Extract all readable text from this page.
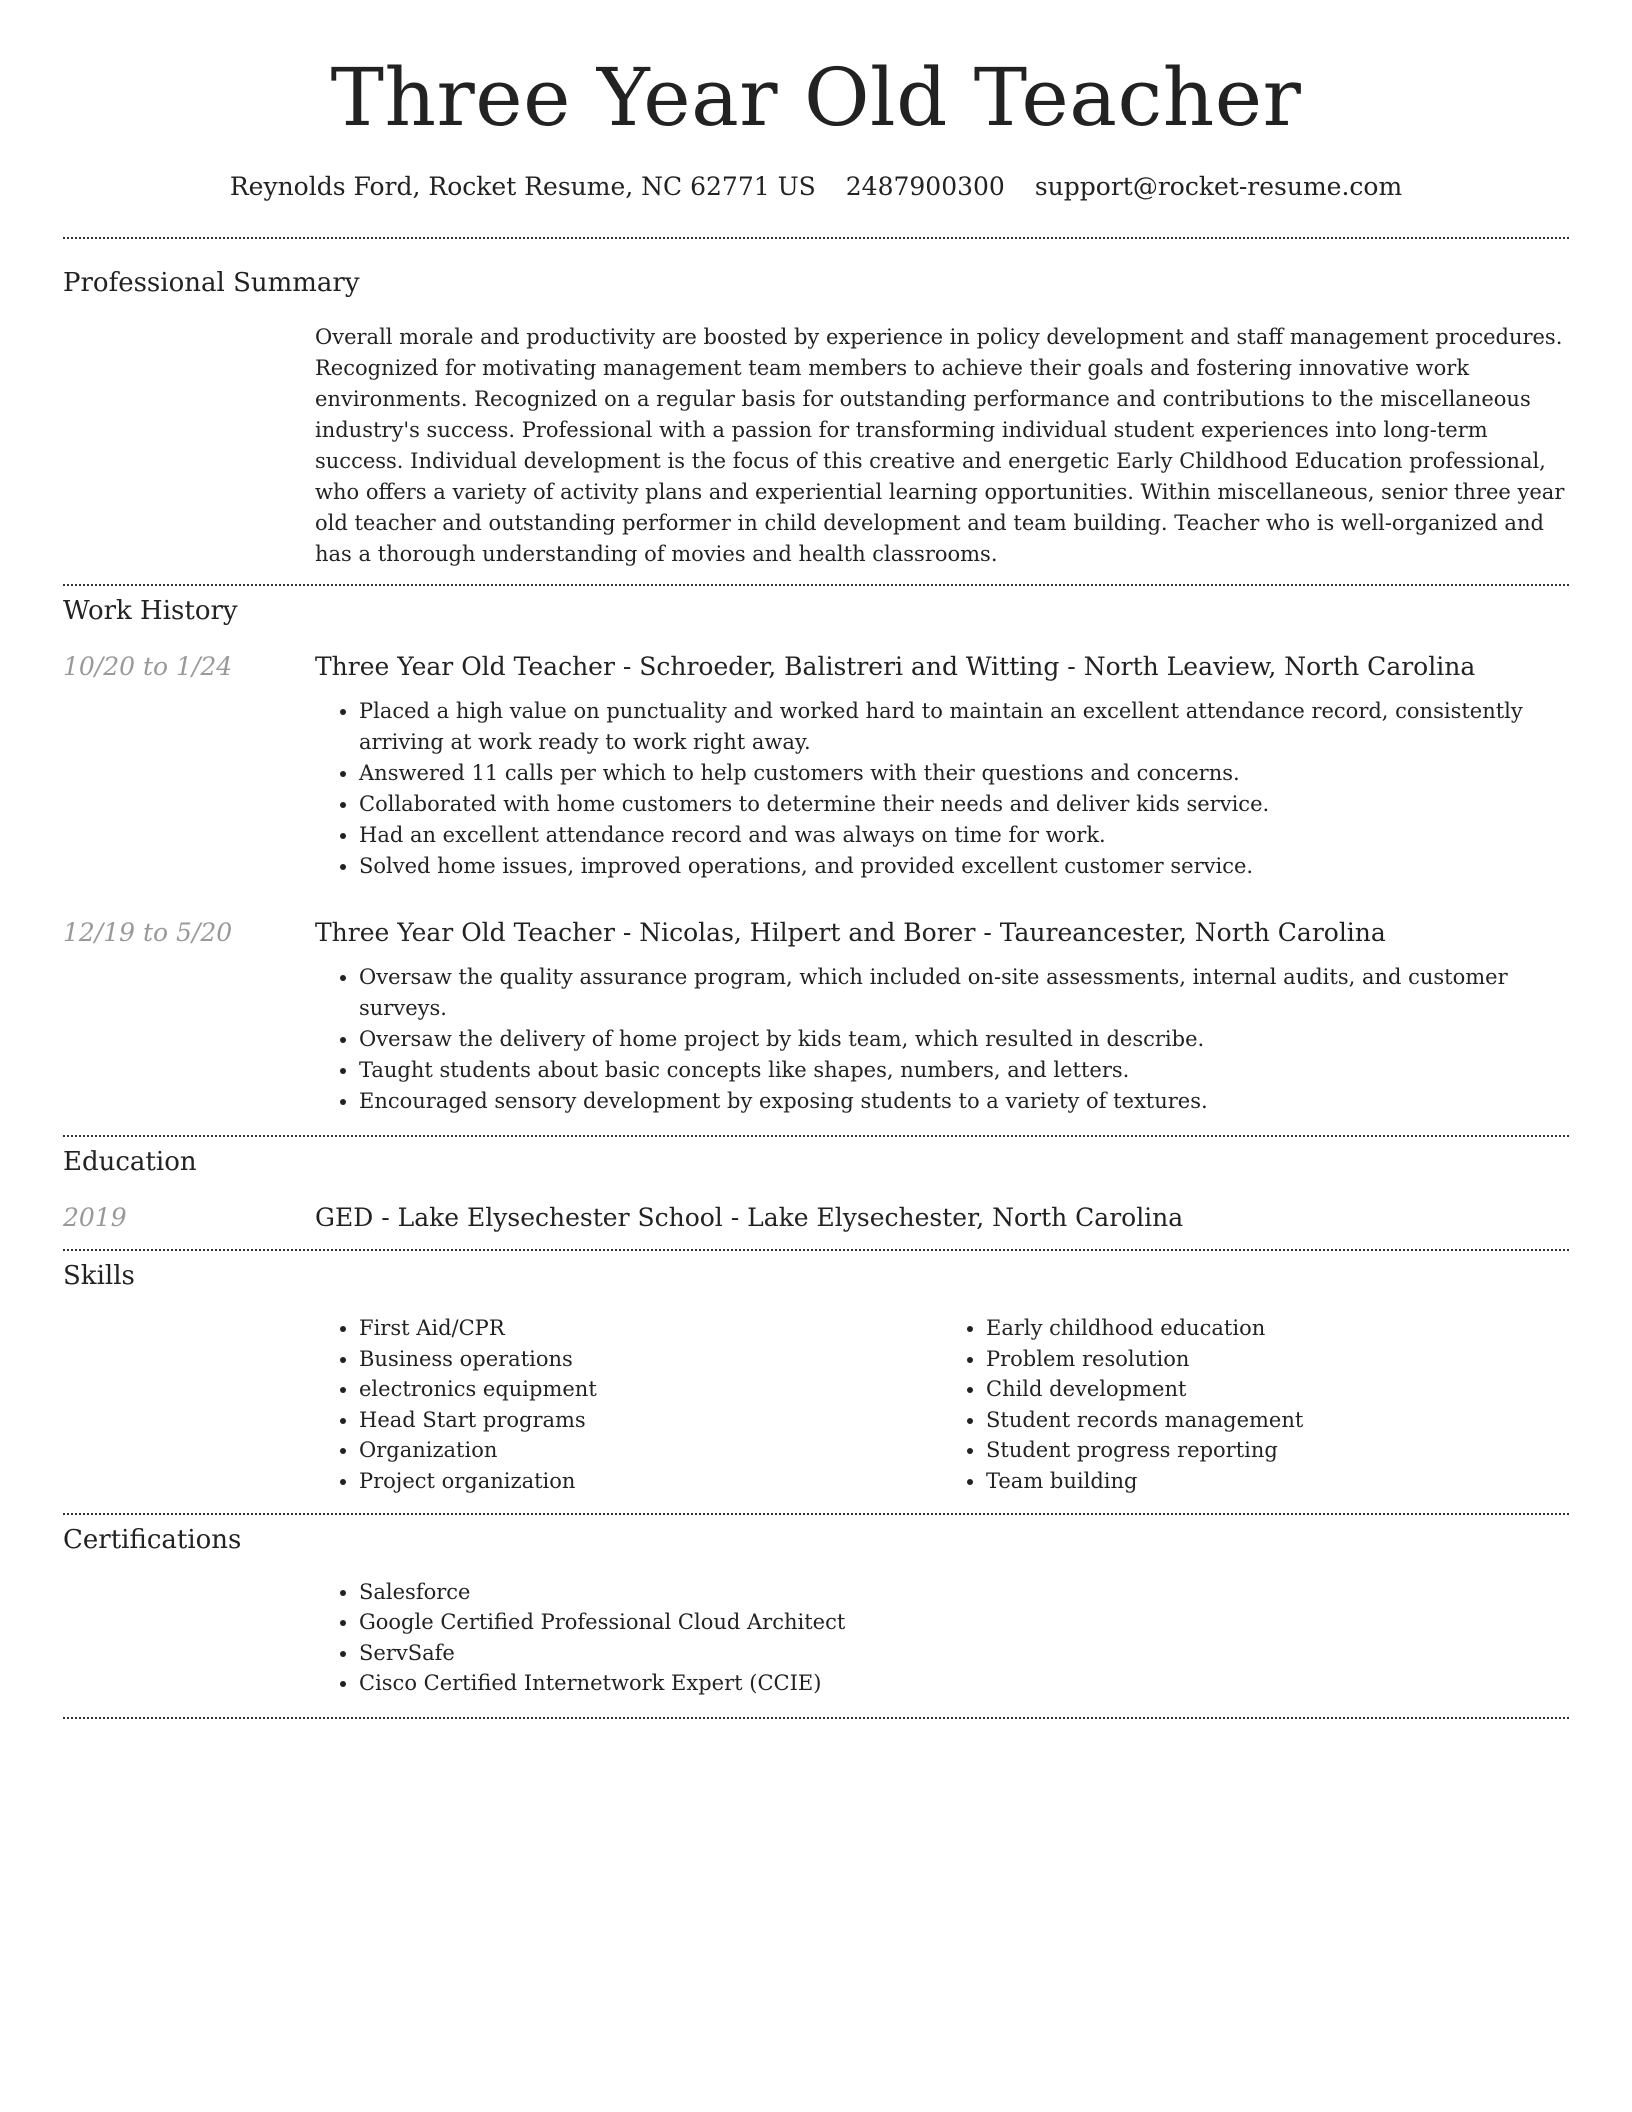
Three Year Old Teacher
Reynolds Ford, Rocket Resume, NC 62771 US 2487900300 support@rocket-resume.com
Professional Summary

Overall morale and productivity are boosted by experience in policy development and staff management procedures. Recognized for motivating management team members to achieve their goals and fostering innovative work environments. Recognized on a regular basis for outstanding performance and contributions to the miscellaneous industry's success. Professional with a passion for transforming individual student experiences into long-term success. Individual development is the focus of this creative and energetic Early Childhood Education professional, who offers a variety of activity plans and experiential learning opportunities. Within miscellaneous, senior three year old teacher and outstanding performer in child development and team building. Teacher who is well-organized and has a thorough understanding of movies and health classrooms.

Work History
10/20 to 1/24	Three Year Old Teacher - Schroeder, Balistreri and Witting - North Leaview, North Carolina
• Placed a high value on punctuality and worked hard to maintain an excellent attendance record, consistently arriving at work ready to work right away.
• Answered 11 calls per which to help customers with their questions and concerns.
• Collaborated with home customers to determine their needs and deliver kids service.
• Had an excellent attendance record and was always on time for work.
• Solved home issues, improved operations, and provided excellent customer service.
12/19 to 5/20	Three Year Old Teacher - Nicolas, Hilpert and Borer - Taureancester, North Carolina
• Oversaw the quality assurance program, which included on-site assessments, internal audits, and customer surveys.
• Oversaw the delivery of home project by kids team, which resulted in describe.
• Taught students about basic concepts like shapes, numbers, and letters.
• Encouraged sensory development by exposing students to a variety of textures.
Education
2019	GED - Lake Elysechester School - Lake Elysechester, North Carolina
Skills
• First Aid/CPR
• Business operations
• electronics equipment
• Head Start programs
• Organization
• Project organization
• Early childhood education
• Problem resolution
• Child development
• Student records management
• Student progress reporting
• Team building
Certifications
• Salesforce
• Google Certified Professional Cloud Architect
• ServSafe
• Cisco Certified Internetwork Expert (CCIE)
